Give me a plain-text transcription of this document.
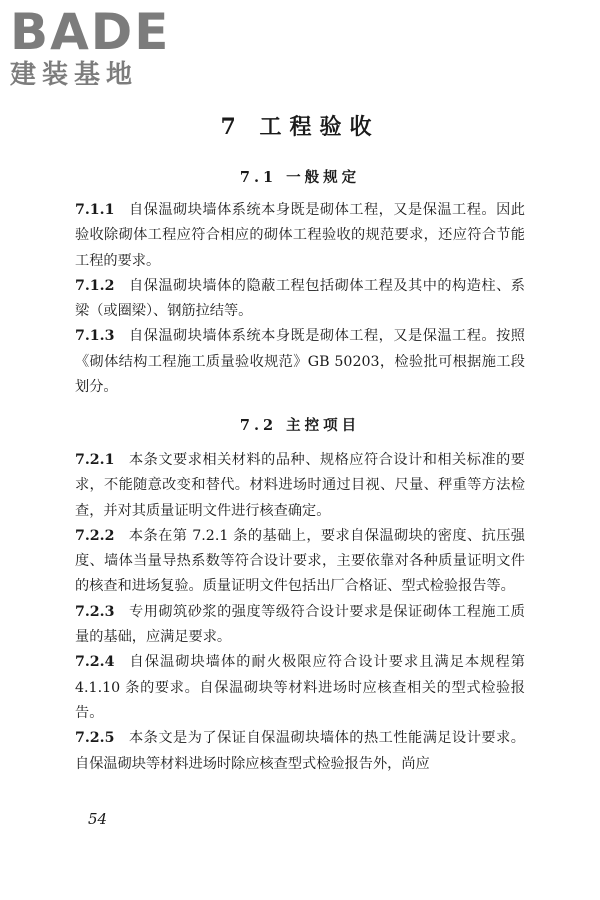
BADE
建装基地
7 工程验收
7.1 一般规定

7.1.1 自保温砌块墙体系统本身既是砌体工程，又是保温工程。因此验收除砌体工程应符合相应的砌体工程验收的规范要求，还应符合节能工程的要求。

7.1.2 自保温砌块墙体的隐蔽工程包括砌体工程及其中的构造柱、系梁（或圈梁）、钢筋拉结等。

7.1.3 自保温砌块墙体系统本身既是砌体工程，又是保温工程。按照《砌体结构工程施工质量验收规范》GB 50203，检验批可根据施工段划分。

7.2 主控项目

7.2.1 本条文要求相关材料的品种、规格应符合设计和相关标准的要求，不能随意改变和替代。材料进场时通过目视、尺量、秤重等方法检查，并对其质量证明文件进行核查确定。

7.2.2 本条在第 7.2.1 条的基础上，要求自保温砌块的密度、抗压强度、墙体当量导热系数等符合设计要求，主要依靠对各种质量证明文件的核查和进场复验。质量证明文件包括出厂合格证、型式检验报告等。

7.2.3 专用砌筑砂浆的强度等级符合设计要求是保证砌体工程施工质量的基础，应满足要求。

7.2.4 自保温砌块墙体的耐火极限应符合设计要求且满足本规程第 4.1.10 条的要求。自保温砌块等材料进场时应核查相关的型式检验报告。

7.2.5 本条文是为了保证自保温砌块墙体的热工性能满足设计要求。自保温砌块等材料进场时除应核查型式检验报告外，尚应

54
